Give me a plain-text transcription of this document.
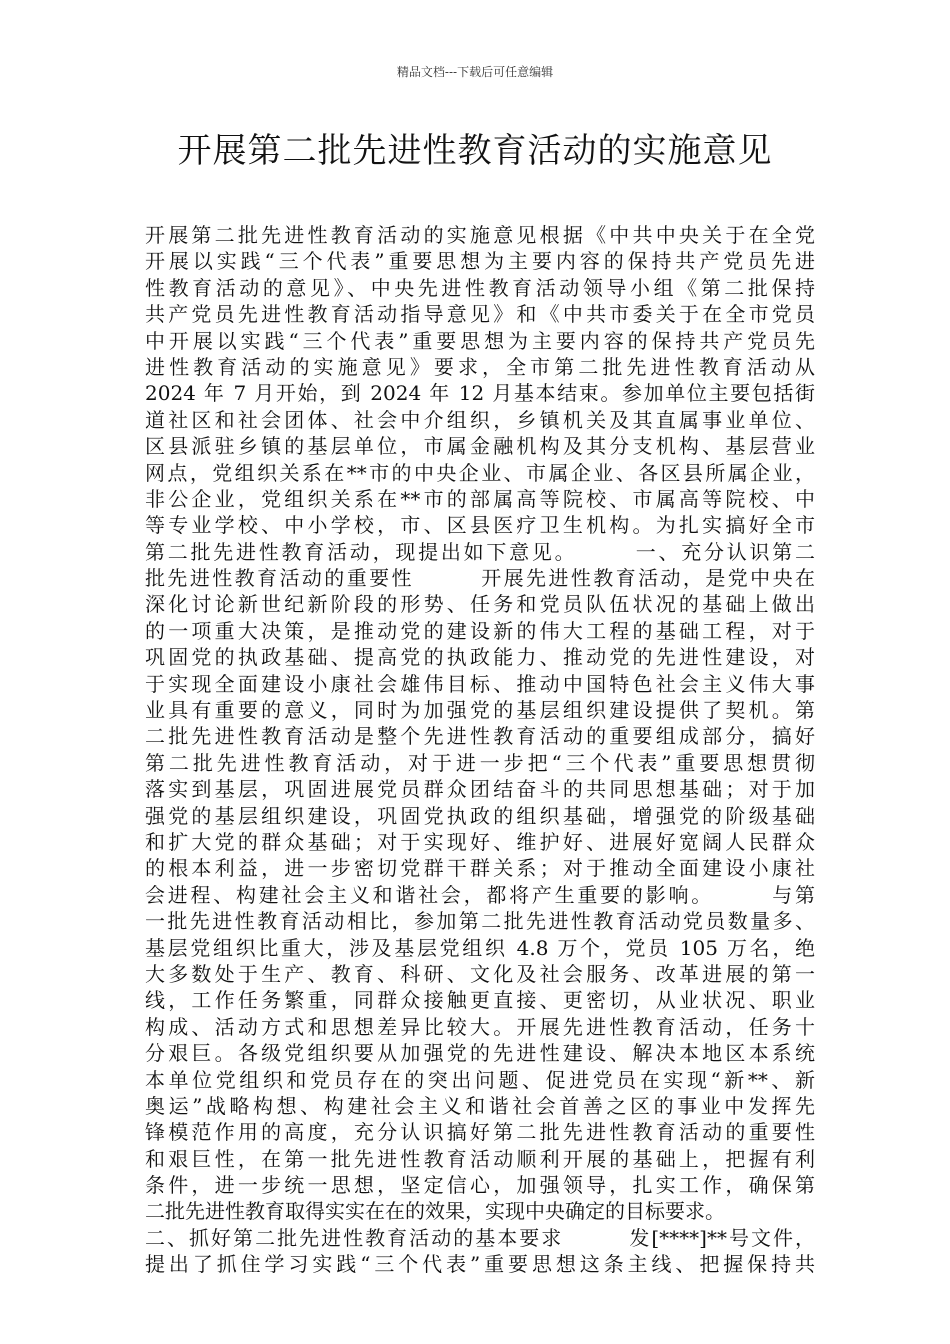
精品文档---下载后可任意编辑
开展第二批先进性教育活动的实施意见
开展第二批先进性教育活动的实施意见根据《中共中央关于在全党
开展以实践“三个代表”重要思想为主要内容的保持共产党员先进
性教育活动的意见》、中央先进性教育活动领导小组《第二批保持
共产党员先进性教育活动指导意见》和《中共市委关于在全市党员
中开展以实践“三个代表”重要思想为主要内容的保持共产党员先
进性教育活动的实施意见》要求，全市第二批先进性教育活动从
2024 年 7 月开始，到 2024 年 12 月基本结束。参加单位主要包括街
道社区和社会团体、社会中介组织，乡镇机关及其直属事业单位、
区县派驻乡镇的基层单位，市属金融机构及其分支机构、基层营业
网点，党组织关系在**市的中央企业、市属企业、各区县所属企业，
非公企业，党组织关系在**市的部属高等院校、市属高等院校、中
等专业学校、中小学校，市、区县医疗卫生机构。为扎实搞好全市
第二批先进性教育活动，现提出如下意见。　　　一、充分认识第二
批先进性教育活动的重要性　　　开展先进性教育活动，是党中央在
深化讨论新世纪新阶段的形势、任务和党员队伍状况的基础上做出
的一项重大决策，是推动党的建设新的伟大工程的基础工程，对于
巩固党的执政基础、提高党的执政能力、推动党的先进性建设，对
于实现全面建设小康社会雄伟目标、推动中国特色社会主义伟大事
业具有重要的意义，同时为加强党的基层组织建设提供了契机。第
二批先进性教育活动是整个先进性教育活动的重要组成部分，搞好
第二批先进性教育活动，对于进一步把“三个代表”重要思想贯彻
落实到基层，巩固进展党员群众团结奋斗的共同思想基础；对于加
强党的基层组织建设，巩固党执政的组织基础，增强党的阶级基础
和扩大党的群众基础；对于实现好、维护好、进展好宽阔人民群众
的根本利益，进一步密切党群干群关系；对于推动全面建设小康社
会进程、构建社会主义和谐社会，都将产生重要的影响。　　　与第
一批先进性教育活动相比，参加第二批先进性教育活动党员数量多、
基层党组织比重大，涉及基层党组织 4.8 万个，党员 105 万名，绝
大多数处于生产、教育、科研、文化及社会服务、改革进展的第一
线，工作任务繁重，同群众接触更直接、更密切，从业状况、职业
构成、活动方式和思想差异比较大。开展先进性教育活动，任务十
分艰巨。各级党组织要从加强党的先进性建设、解决本地区本系统
本单位党组织和党员存在的突出问题、促进党员在实现“新**、新
奥运”战略构想、构建社会主义和谐社会首善之区的事业中发挥先
锋模范作用的高度，充分认识搞好第二批先进性教育活动的重要性
和艰巨性，在第一批先进性教育活动顺利开展的基础上，把握有利
条件，进一步统一思想，坚定信心，加强领导，扎实工作，确保第
二批先进性教育取得实实在在的效果，实现中央确定的目标要求。
二、抓好第二批先进性教育活动的基本要求　　　发[****]**号文件，
提出了抓住学习实践“三个代表”重要思想这条主线、把握保持共
